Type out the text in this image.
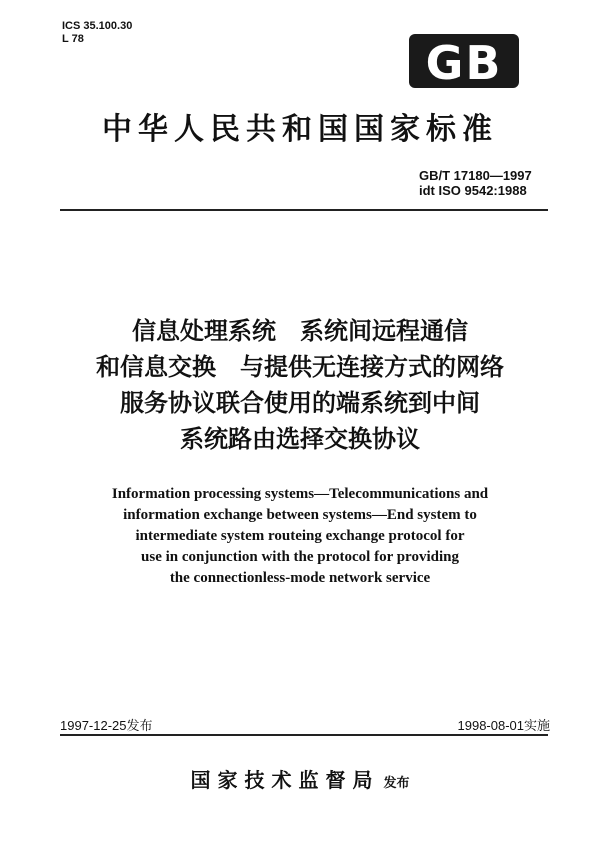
ICS 35.100.30
L 78	GB
中华人民共和国国家标准
GB/T 17180—1997
idt ISO 9542:1988
信息处理系统　系统间远程通信
和信息交换　与提供无连接方式的网络
服务协议联合使用的端系统到中间
系统路由选择交换协议
Information processing systems—Telecommunications and
information exchange between systems—End system to
intermediate system routeing exchange protocol for
use in conjunction with the protocol for providing
the connectionless-mode network service
1997-12-25发布	1998-08-01实施
国家技术监督局 发布
